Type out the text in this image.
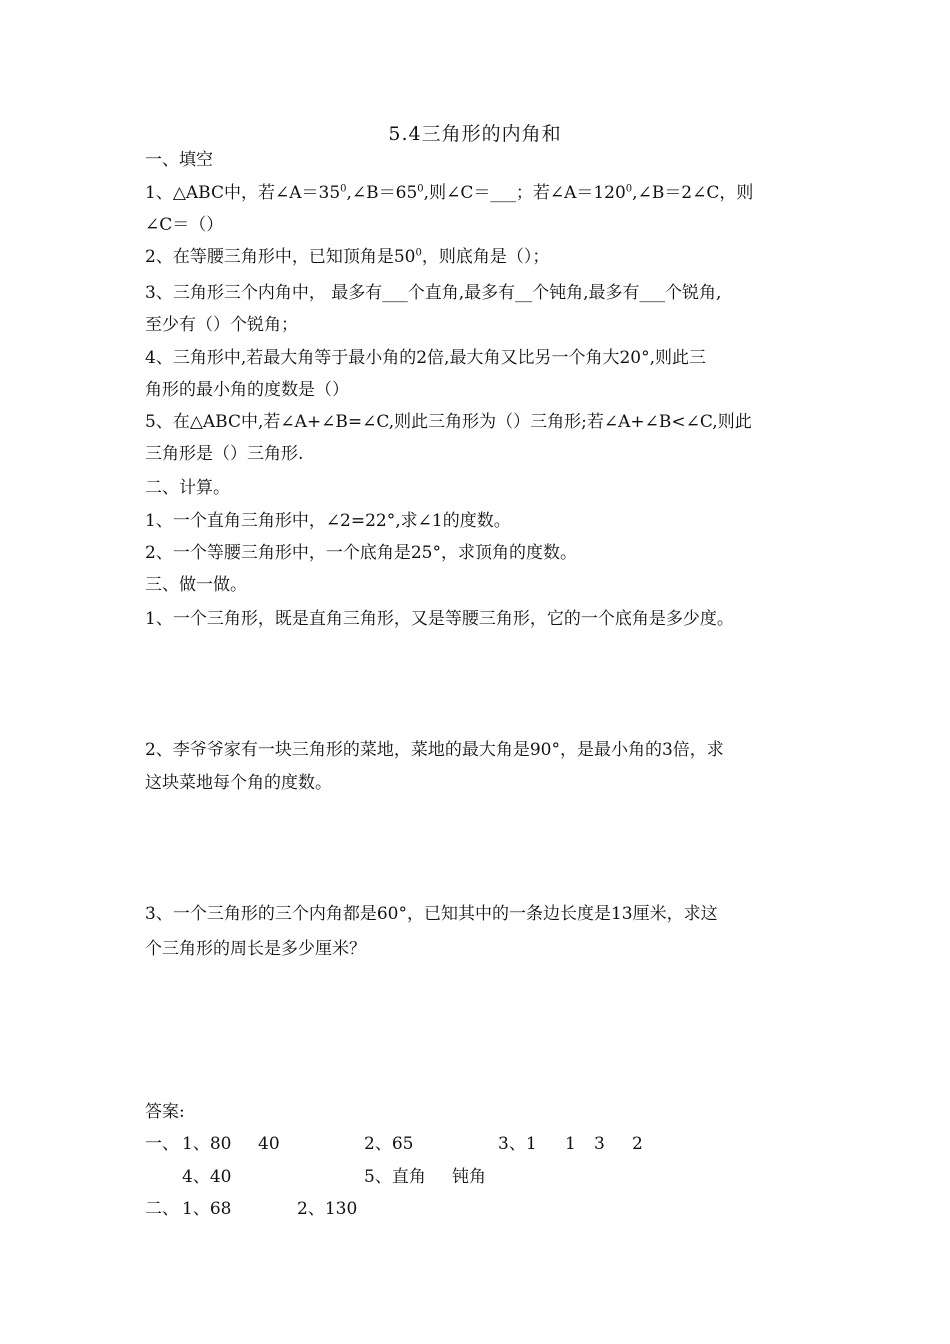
5.4三角形的内角和
一、填空
1、△ABC中，若$\angle A=35^0,\angle B=65^0$,则∠C＝___；若$\angle A=120^0,\angle B=2\angle C$，则
∠C＝（）
2、在等腰三角形中，已知顶角是$50^0$，则底角是（）；
3、三角形三个内角中， 最多有___个直角,最多有__个钝角,最多有___个锐角,
至少有（）个锐角；
4、三角形中,若最大角等于最小角的2倍,最大角又比另一个角大20°,则此三
角形的最小角的度数是（）
5、在△ABC中,若∠A+∠B=∠C,则此三角形为（）三角形;若∠A+∠B<∠C,则此
三角形是（）三角形.
二、计算。
1、一个直角三角形中，∠2=22°,求∠1的度数。
2、一个等腰三角形中，一个底角是25°，求顶角的度数。
三、做一做。
1、一个三角形，既是直角三角形，又是等腰三角形，它的一个底角是多少度。
2、李爷爷家有一块三角形的菜地，菜地的最大角是90°，是最小角的3倍，求
这块菜地每个角的度数。
3、一个三角形的三个内角都是60°，已知其中的一条边长度是13厘米，求这
个三角形的周长是多少厘米？
答案:
一、 1、80 40	2、65	3、1 1 3 2
4、40	5、直角 钝角
二、 1、68	2、130
